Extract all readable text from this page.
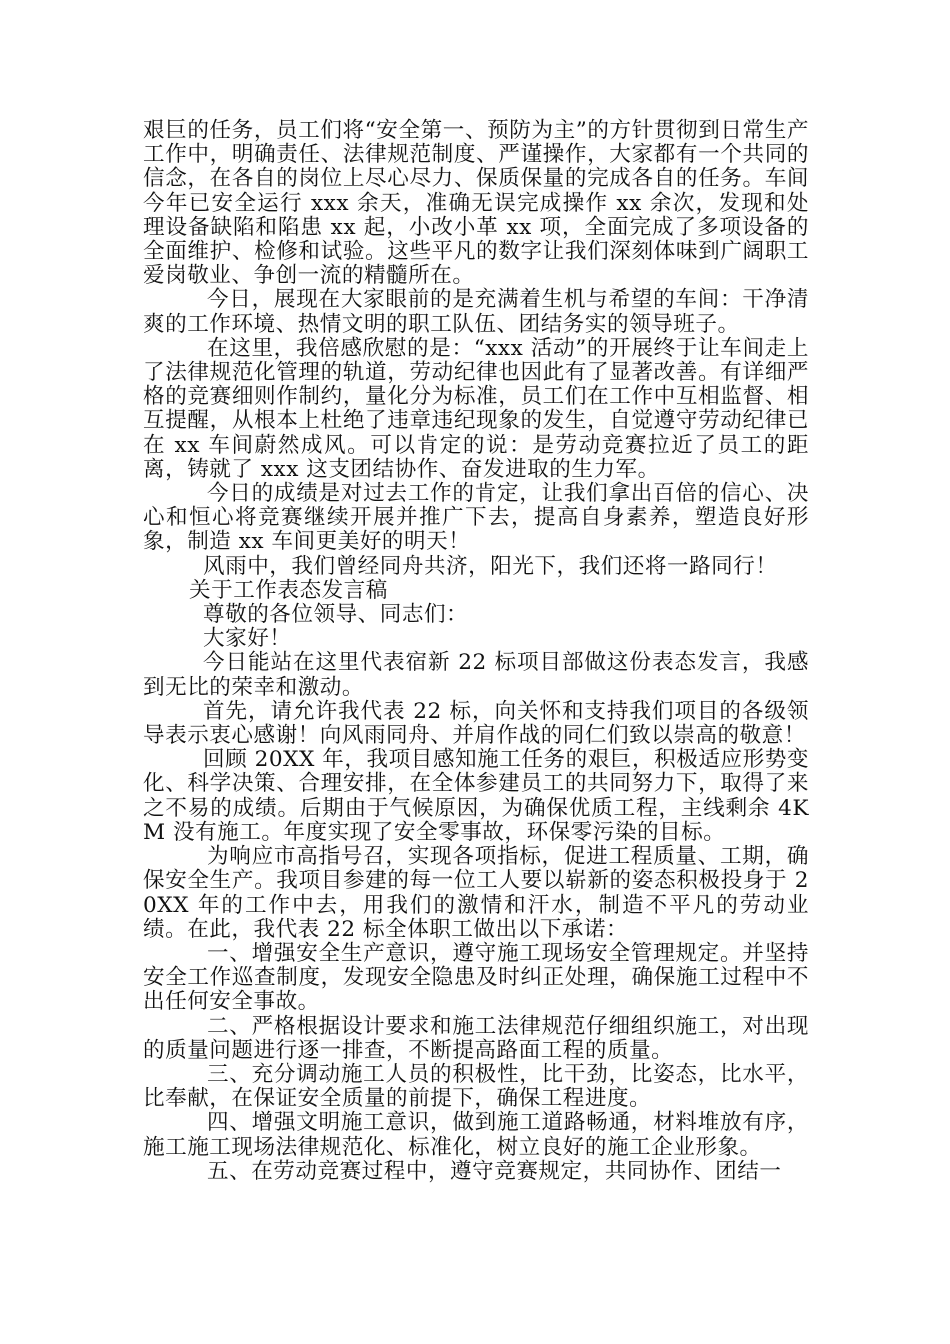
艰巨的任务，员工们将“安全第一、预防为主”的方针贯彻到日常生产工作中，明确责任、法律规范制度、严谨操作，大家都有一个共同的信念，在各自的岗位上尽心尽力、保质保量的完成各自的任务。车间今年已安全运行 xxx 余天，准确无误完成操作 xx 余次，发现和处理设备缺陷和陷患 xx 起，小改小革 xx 项，全面完成了多项设备的全面维护、检修和试验。这些平凡的数字让我们深刻体味到广阔职工爱岗敬业、争创一流的精髓所在。

今日，展现在大家眼前的是充满着生机与希望的车间：干净清爽的工作环境、热情文明的职工队伍、团结务实的领导班子。

在这里，我倍感欣慰的是：“xxx 活动”的开展终于让车间走上了法律规范化管理的轨道，劳动纪律也因此有了显著改善。有详细严格的竞赛细则作制约，量化分为标准，员工们在工作中互相监督、相互提醒，从根本上杜绝了违章违纪现象的发生，自觉遵守劳动纪律已在 xx 车间蔚然成风。可以肯定的说：是劳动竞赛拉近了员工的距离，铸就了 xxx 这支团结协作、奋发进取的生力军。

今日的成绩是对过去工作的肯定，让我们拿出百倍的信心、决心和恒心将竞赛继续开展并推广下去，提高自身素养，塑造良好形象，制造 xx 车间更美好的明天！

风雨中，我们曾经同舟共济，阳光下，我们还将一路同行！

关于工作表态发言稿

尊敬的各位领导、同志们：

大家好！

今日能站在这里代表宿新 22 标项目部做这份表态发言，我感到无比的荣幸和激动。

首先，请允许我代表 22 标，向关怀和支持我们项目的各级领导表示衷心感谢！向风雨同舟、并肩作战的同仁们致以崇高的敬意！

回顾 20XX 年，我项目感知施工任务的艰巨，积极适应形势变化、科学决策、合理安排，在全体参建员工的共同努力下，取得了来之不易的成绩。后期由于气候原因，为确保优质工程，主线剩余 4KM 没有施工。年度实现了安全零事故，环保零污染的目标。

为响应市高指号召，实现各项指标，促进工程质量、工期，确保安全生产。我项目参建的每一位工人要以崭新的姿态积极投身于 20XX 年的工作中去，用我们的激情和汗水，制造不平凡的劳动业绩。在此，我代表 22 标全体职工做出以下承诺：

一、增强安全生产意识，遵守施工现场安全管理规定。并坚持安全工作巡查制度，发现安全隐患及时纠正处理，确保施工过程中不出任何安全事故。

二、严格根据设计要求和施工法律规范仔细组织施工，对出现的质量问题进行逐一排查，不断提高路面工程的质量。

三、充分调动施工人员的积极性，比干劲，比姿态，比水平，比奉献，在保证安全质量的前提下，确保工程进度。

四、增强文明施工意识，做到施工道路畅通，材料堆放有序，施工施工现场法律规范化、标准化，树立良好的施工企业形象。

五、在劳动竞赛过程中，遵守竞赛规定，共同协作、团结一
